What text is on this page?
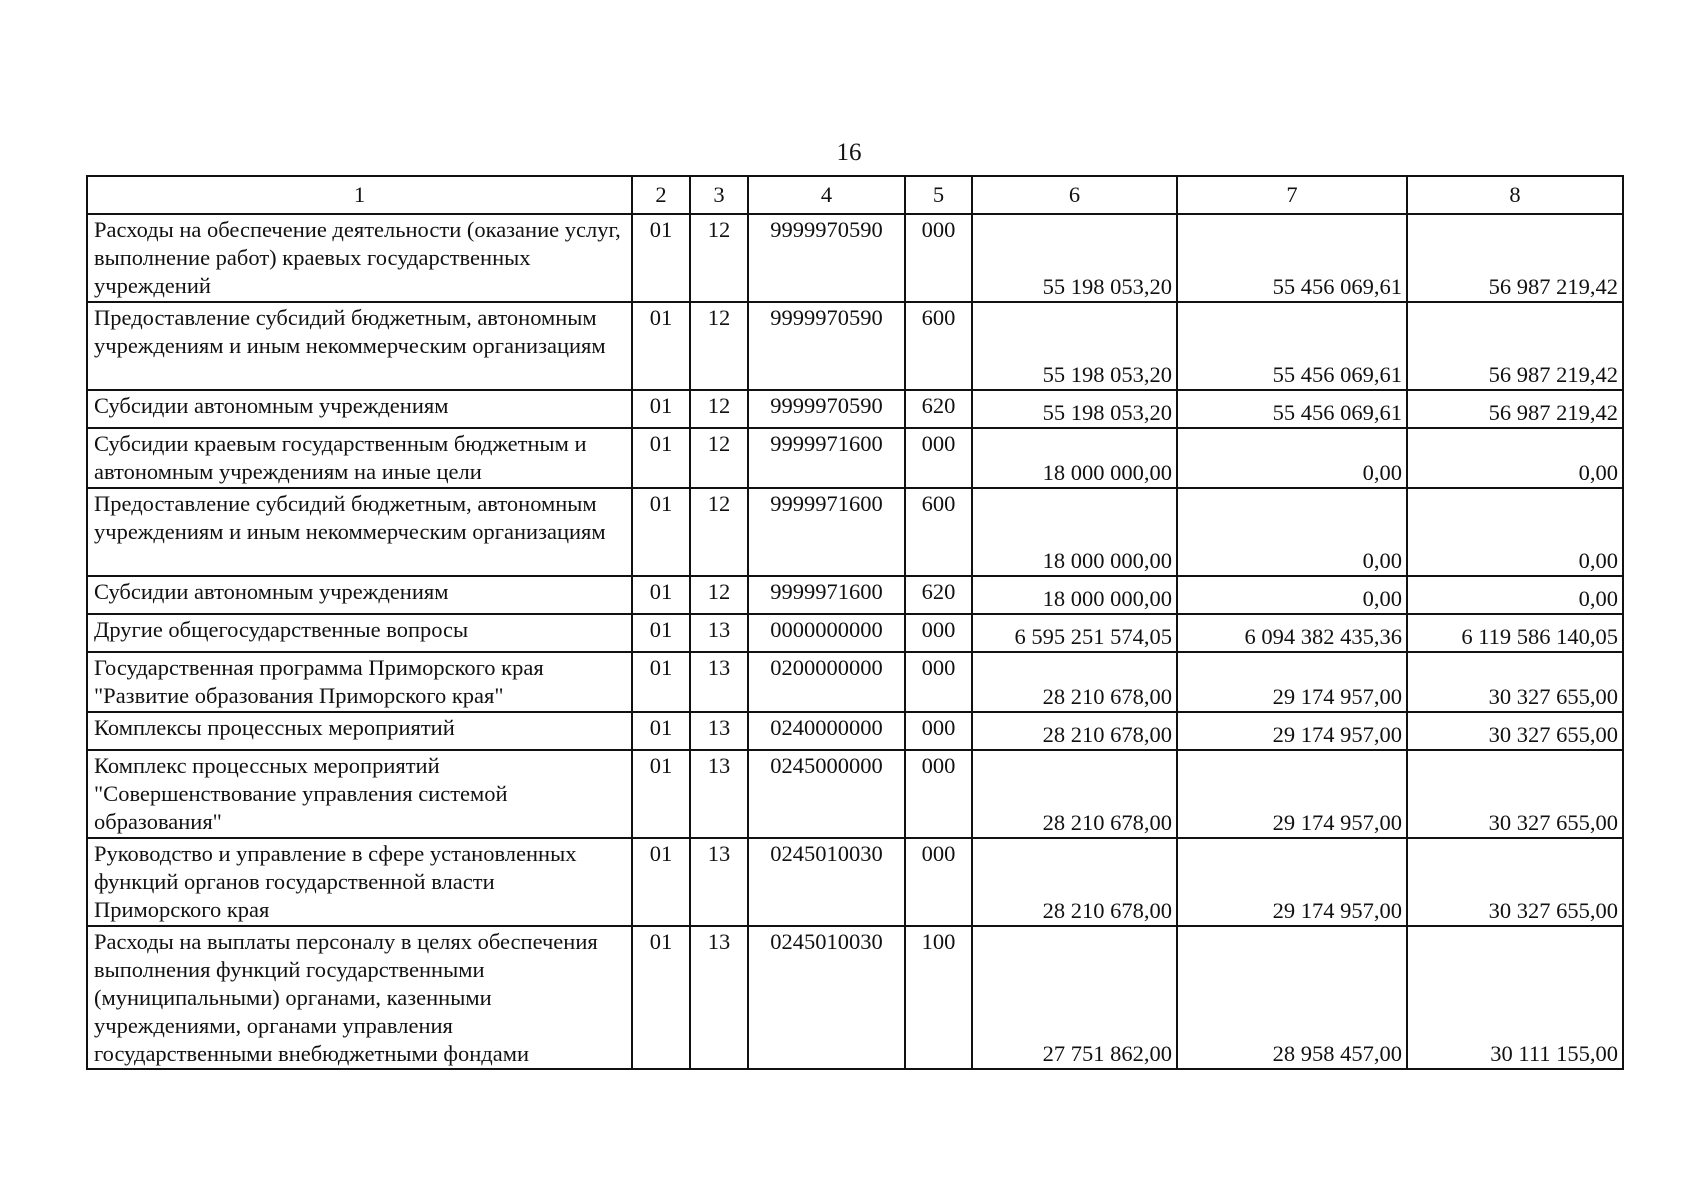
16
1	2	3	4	5	6	7	8
Расходы на обеспечение деятельности (оказание услуг, выполнение работ) краевых государственных учреждений	01	12	9999970590	000	55 198 053,20	55 456 069,61	56 987 219,42
Предоставление субсидий бюджетным, автономным учреждениям и иным некоммерческим организациям	01	12	9999970590	600	55 198 053,20	55 456 069,61	56 987 219,42
Субсидии автономным учреждениям	01	12	9999970590	620	55 198 053,20	55 456 069,61	56 987 219,42
Субсидии краевым государственным бюджетным и автономным учреждениям на иные цели	01	12	9999971600	000	18 000 000,00	0,00	0,00
Предоставление субсидий бюджетным, автономным учреждениям и иным некоммерческим организациям	01	12	9999971600	600	18 000 000,00	0,00	0,00
Субсидии автономным учреждениям	01	12	9999971600	620	18 000 000,00	0,00	0,00
Другие общегосударственные вопросы	01	13	0000000000	000	6 595 251 574,05	6 094 382 435,36	6 119 586 140,05
Государственная программа Приморского края "Развитие образования Приморского края"	01	13	0200000000	000	28 210 678,00	29 174 957,00	30 327 655,00
Комплексы процессных мероприятий	01	13	0240000000	000	28 210 678,00	29 174 957,00	30 327 655,00
Комплекс процессных мероприятий "Совершенствование управления системой образования"	01	13	0245000000	000	28 210 678,00	29 174 957,00	30 327 655,00
Руководство и управление в сфере установленных функций органов государственной власти Приморского края	01	13	0245010030	000	28 210 678,00	29 174 957,00	30 327 655,00
Расходы на выплаты персоналу в целях обеспечения выполнения функций государственными (муниципальными) органами, казенными учреждениями, органами управления государственными внебюджетными фондами	01	13	0245010030	100	27 751 862,00	28 958 457,00	30 111 155,00
